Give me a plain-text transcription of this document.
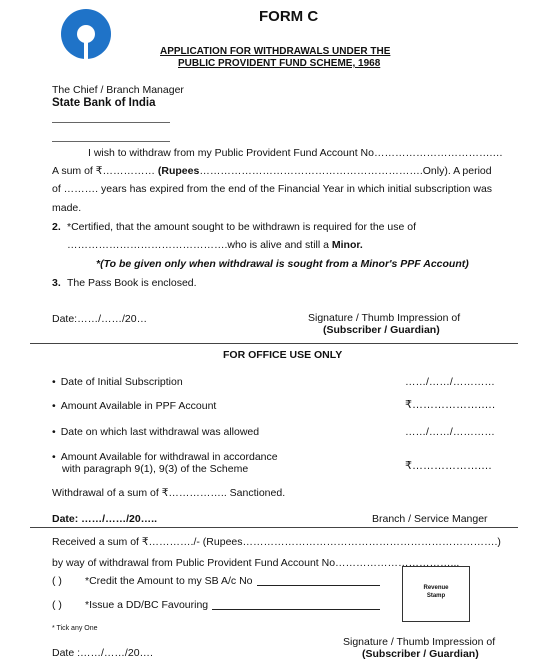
FORM C
APPLICATION FOR WITHDRAWALS UNDER THE
PUBLIC PROVIDENT FUND SCHEME, 1968
The Chief / Branch Manager
State Bank of India
I wish to withdraw from my Public Provident Fund Account No…………………………….…
A sum of ₹…………… (Rupees……………………………………………………….Only). A period
of ………. years has expired from the end of the Financial Year in which initial subscription was
made.
2. *Certified, that the amount sought to be withdrawn is required for the use of
……………………………………….who is alive and still a Minor.
*(To be given only when withdrawal is sought from a Minor's PPF Account)
3. The Pass Book is enclosed.
Date:……/……/20…	Signature / Thumb Impression of
(Subscriber / Guardian)
FOR OFFICE USE ONLY
• Date of Initial Subscription	……/……/…………
• Amount Available in PPF Account	₹……………….….
• Date on which last withdrawal was allowed	……/……/…………
• Amount Available for withdrawal in accordance
with paragraph 9(1), 9(3) of the Scheme	₹……………….…
Withdrawal of a sum of ₹…………….. Sanctioned.
Date: ……/……/20…..	Branch / Service Manger
Received a sum of ₹…………./- (Rupees……………………………………………………………….)
by way of withdrawal from Public Provident Fund Account No……………………………...
( ) *Credit the Amount to my SB A/c No
( ) *Issue a DD/BC Favouring
Revenue
Stamp
* Tick any One
Signature / Thumb Impression of
(Subscriber / Guardian)
Date :……/……/20….
